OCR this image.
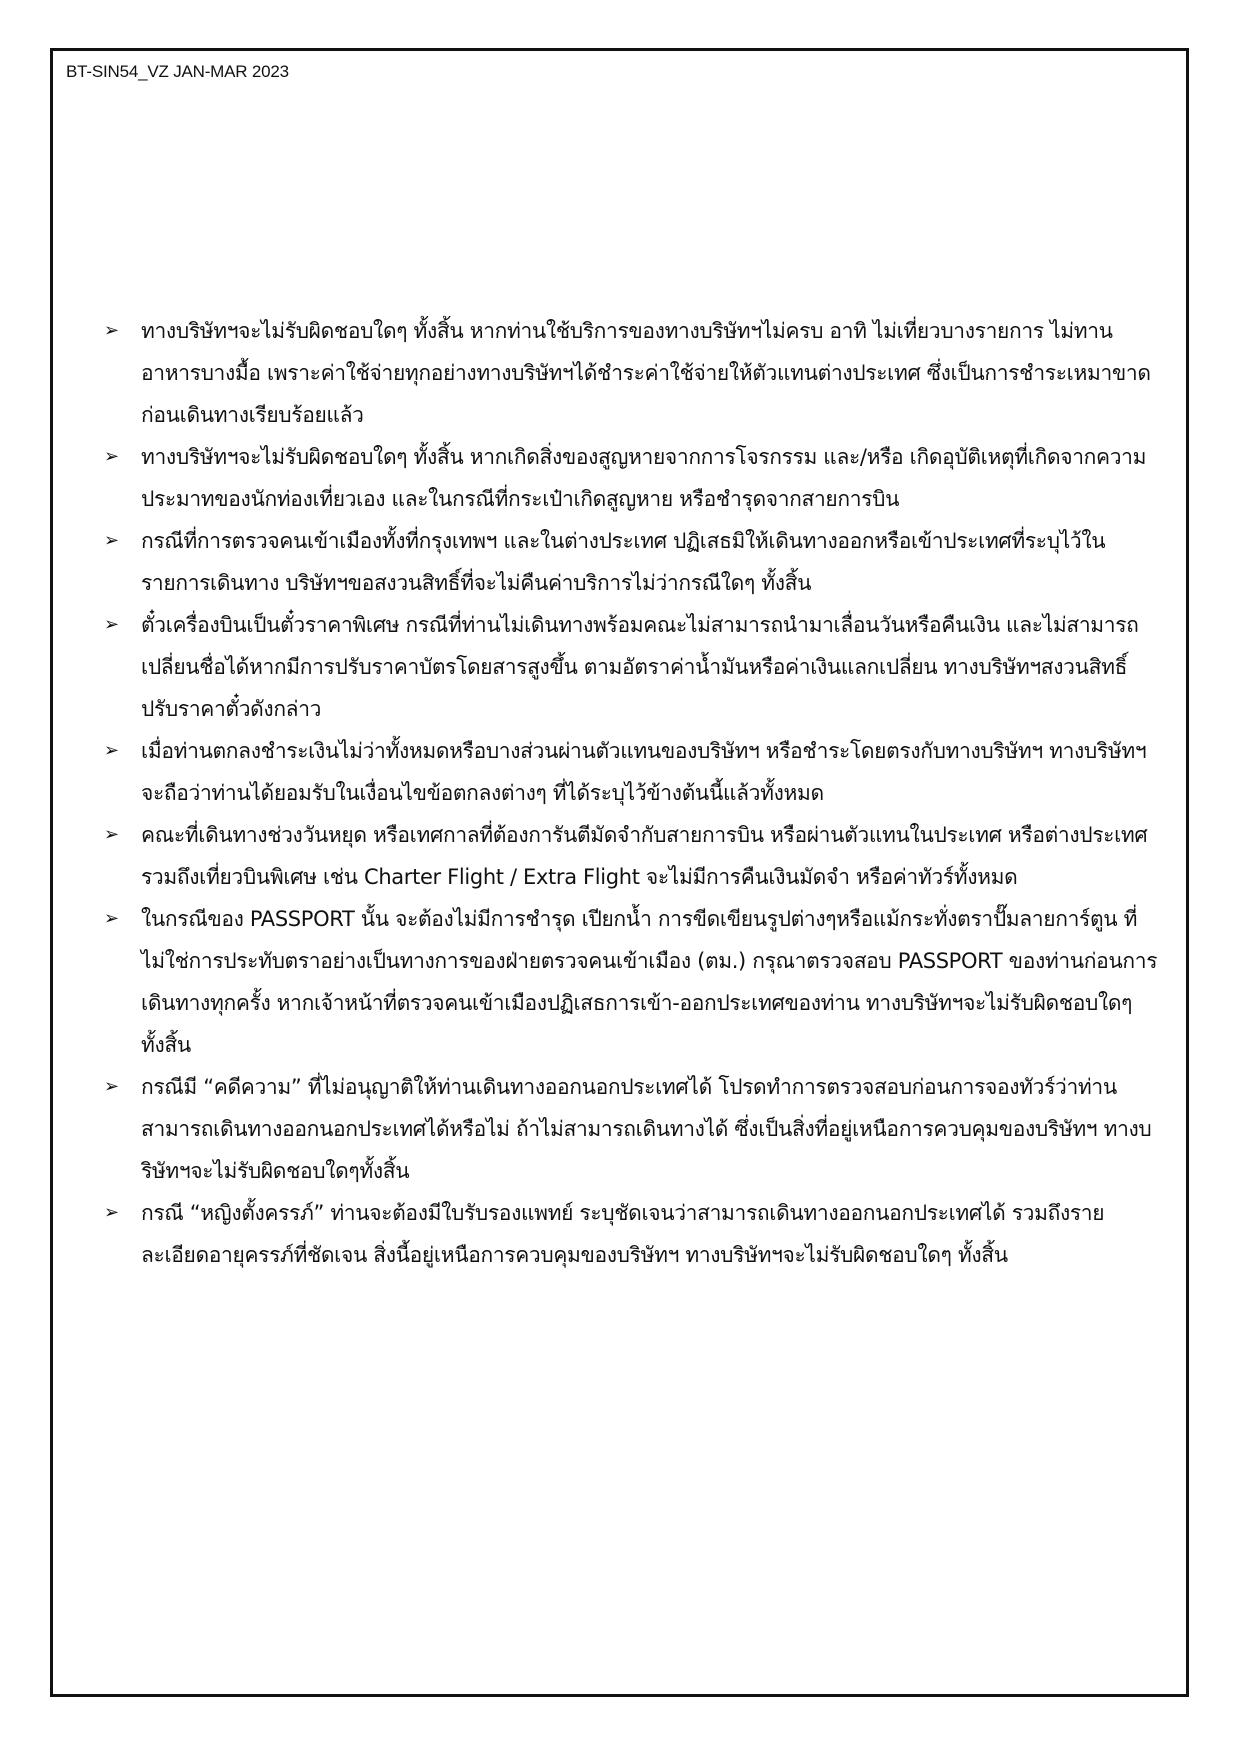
BT-SIN54_VZ JAN-MAR 2023
➢ ทางบริษัทฯจะไม่รับผิดชอบใดๆ ทั้งสิ้น หากท่านใช้บริการของทางบริษัทฯไม่ครบ อาทิ ไม่เที่ยวบางรายการ ไม่ทานอาหารบางมื้อ เพราะค่าใช้จ่ายทุกอย่างทางบริษัทฯได้ชำระค่าใช้จ่ายให้ตัวแทนต่างประเทศ ซึ่งเป็นการชำระเหมาขาดก่อนเดินทางเรียบร้อยแล้ว
➢ ทางบริษัทฯจะไม่รับผิดชอบใดๆ ทั้งสิ้น หากเกิดสิ่งของสูญหายจากการโจรกรรม และ/หรือ เกิดอุบัติเหตุที่เกิดจากความประมาทของนักท่องเที่ยวเอง และในกรณีที่กระเป๋าเกิดสูญหาย หรือชำรุดจากสายการบิน
➢ กรณีที่การตรวจคนเข้าเมืองทั้งที่กรุงเทพฯ และในต่างประเทศ ปฏิเสธมิให้เดินทางออกหรือเข้าประเทศที่ระบุไว้ในรายการเดินทาง บริษัทฯขอสงวนสิทธิ์ที่จะไม่คืนค่าบริการไม่ว่ากรณีใดๆ ทั้งสิ้น
➢ ตั๋วเครื่องบินเป็นตั๋วราคาพิเศษ กรณีที่ท่านไม่เดินทางพร้อมคณะไม่สามารถนำมาเลื่อนวันหรือคืนเงิน และไม่สามารถเปลี่ยนชื่อได้หากมีการปรับราคาบัตรโดยสารสูงขึ้น ตามอัตราค่าน้ำมันหรือค่าเงินแลกเปลี่ยน ทางบริษัทฯสงวนสิทธิ์ปรับราคาตั๋วดังกล่าว
➢ เมื่อท่านตกลงชำระเงินไม่ว่าทั้งหมดหรือบางส่วนผ่านตัวแทนของบริษัทฯ หรือชำระโดยตรงกับทางบริษัทฯ ทางบริษัทฯจะถือว่าท่านได้ยอมรับในเงื่อนไขข้อตกลงต่างๆ ที่ได้ระบุไว้ข้างต้นนี้แล้วทั้งหมด
➢ คณะที่เดินทางช่วงวันหยุด หรือเทศกาลที่ต้องการันตีมัดจำกับสายการบิน หรือผ่านตัวแทนในประเทศ หรือต่างประเทศ รวมถึงเที่ยวบินพิเศษ เช่น Charter Flight / Extra Flight จะไม่มีการคืนเงินมัดจำ หรือค่าทัวร์ทั้งหมด
➢ ในกรณีของ PASSPORT นั้น จะต้องไม่มีการชำรุด เปียกน้ำ การขีดเขียนรูปต่างๆหรือแม้กระทั่งตราปั๊มลายการ์ตูน ที่ไม่ใช่การประทับตราอย่างเป็นทางการของฝ่ายตรวจคนเข้าเมือง (ตม.) กรุณาตรวจสอบ PASSPORT ของท่านก่อนการเดินทางทุกครั้ง หากเจ้าหน้าที่ตรวจคนเข้าเมืองปฏิเสธการเข้า-ออกประเทศของท่าน ทางบริษัทฯจะไม่รับผิดชอบใดๆ ทั้งสิ้น
➢ กรณีมี “คดีความ” ที่ไม่อนุญาติให้ท่านเดินทางออกนอกประเทศได้ โปรดทำการตรวจสอบก่อนการจองทัวร์ว่าท่านสามารถเดินทางออกนอกประเทศได้หรือไม่ ถ้าไม่สามารถเดินทางได้ ซึ่งเป็นสิ่งที่อยู่เหนือการควบคุมของบริษัทฯ ทางบริษัทฯจะไม่รับผิดชอบใดๆทั้งสิ้น
➢ กรณี “หญิงตั้งครรภ์” ท่านจะต้องมีใบรับรองแพทย์ ระบุชัดเจนว่าสามารถเดินทางออกนอกประเทศได้ รวมถึงรายละเอียดอายุครรภ์ที่ชัดเจน สิ่งนี้อยู่เหนือการควบคุมของบริษัทฯ ทางบริษัทฯจะไม่รับผิดชอบใดๆ ทั้งสิ้น
